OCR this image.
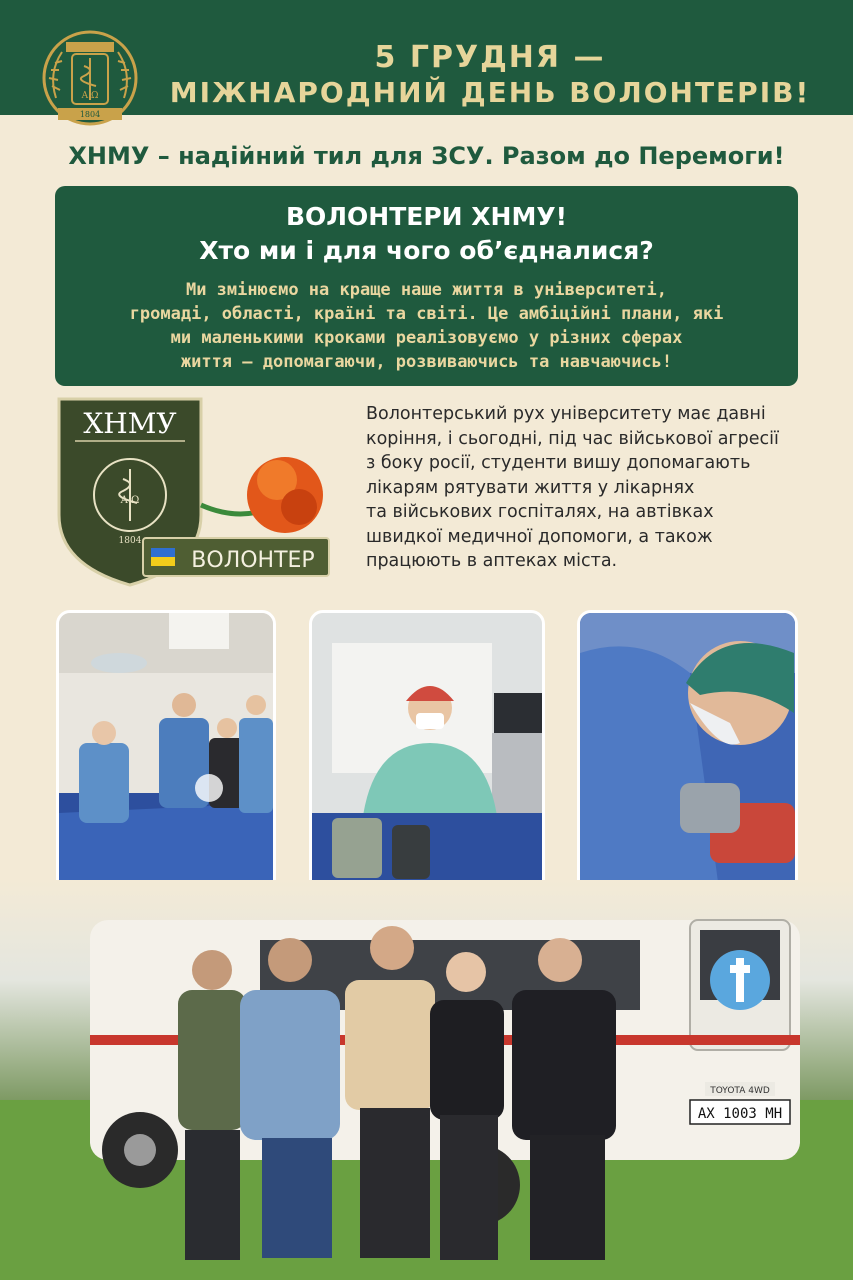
Α Ω
1804
5 ГРУДНЯ —
МІЖНАРОДНИЙ ДЕНЬ ВОЛОНТЕРІВ!
ХНМУ – надійний тил для ЗСУ. Разом до Перемоги!
ВОЛОНТЕРИ ХНМУ!
Хто ми і для чого об’єдналися?
Ми змінюємо на краще наше життя в університеті,
громаді, області, країні та світі. Це амбіційні плани, які
ми маленькими кроками реалізовуємо у різних сферах
життя — допомагаючи, розвиваючись та навчаючись!
ХНМУ
Α Ω
1804
ВОЛОНТЕР
Волонтерський рух університету має давні
коріння, і сьогодні, під час військової агресії
з боку росії, студенти вишу допомагають
лікарям рятувати життя у лікарнях
та військових госпіталях, на автівках
швидкої медичної допомоги, а також
працюють в аптеках міста.
АХ 1003 МН
TOYOTA 4WD
